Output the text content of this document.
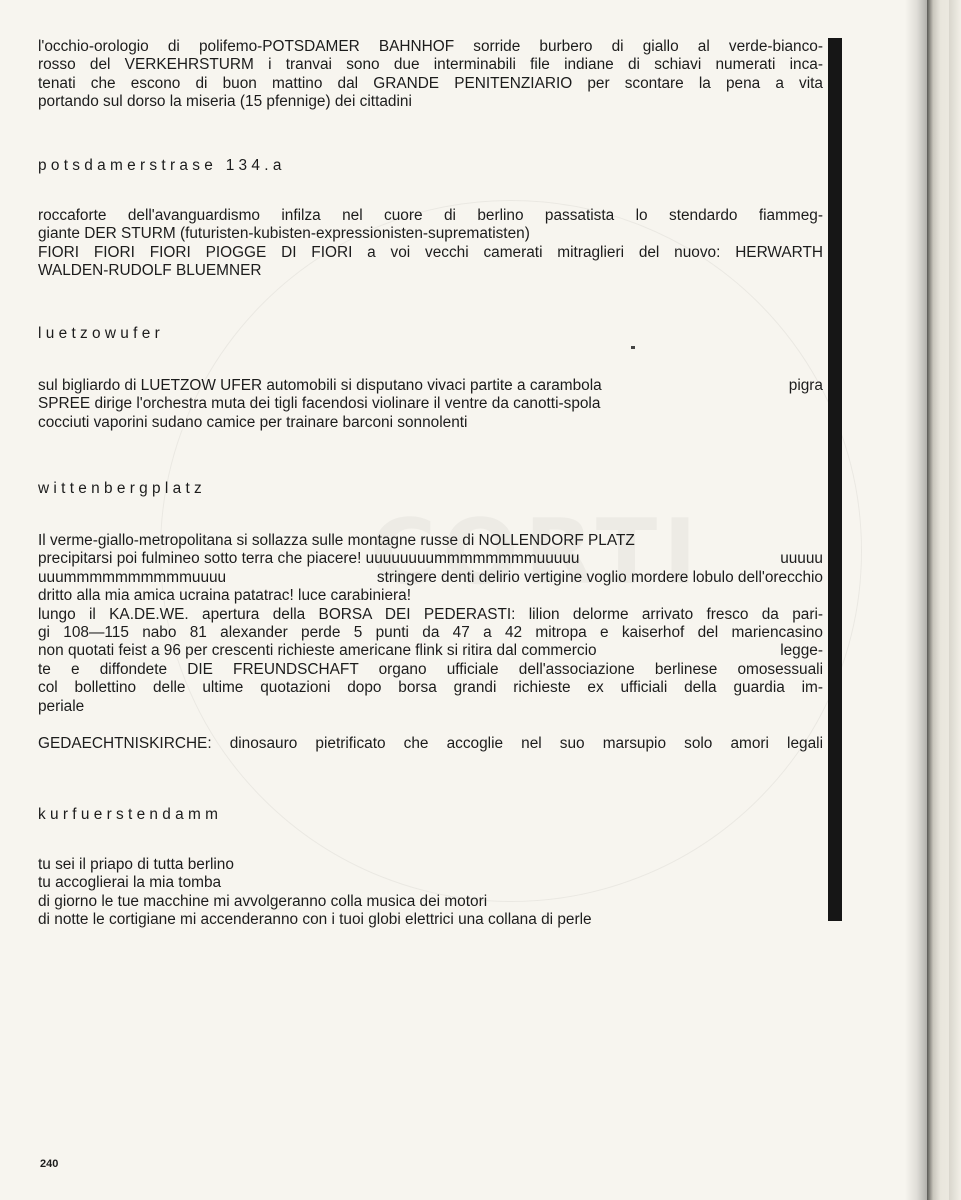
l'occhio-orologio di polifemo-POTSDAMER BAHNHOF sorride burbero di giallo al verde-bianco-
rosso del VERKEHRSTURM i tranvai sono due interminabili file indiane di schiavi numerati inca-
tenati che escono di buon mattino dal GRANDE PENITENZIARIO per scontare la pena a vita
portando sul dorso la miseria (15 pfennige) dei cittadini
potsdamerstrase 134.a
roccaforte dell'avanguardismo infilza nel cuore di berlino passatista lo stendardo fiammeg-
giante DER STURM (futuristen-kubisten-expressionisten-suprematisten)
FIORI FIORI FIORI PIOGGE DI FIORI a voi vecchi camerati mitraglieri del nuovo: HERWARTH
WALDEN-RUDOLF BLUEMNER
luetzowufer
sul bigliardo di LUETZOW UFER automobili si disputano vivaci partite a carambola	pigra
SPREE dirige l'orchestra muta dei tigli facendosi violinare il ventre da canotti-spola
cocciuti vaporini sudano camice per trainare barconi sonnolenti
wittenbergplatz
Il verme-giallo-metropolitana si sollazza sulle montagne russe di NOLLENDORF PLATZ
precipitarsi poi fulmineo sotto terra che piacere! uuuuuuuummmmmmmmuuuuu	uuuuu
uuummmmmmmmmmuuuu	stringere denti delirio vertigine voglio mordere lobulo dell'orecchio
dritto alla mia amica ucraina patatrac! luce carabiniera!
lungo il KA.DE.WE. apertura della BORSA DEI PEDERASTI: lilion delorme arrivato fresco da pari-
gi 108—115 nabo 81 alexander perde 5 punti da 47 a 42 mitropa e kaiserhof del mariencasino
non quotati feist a 96 per crescenti richieste americane flink si ritira dal commercio	legge-
te e diffondete DIE FREUNDSCHAFT organo ufficiale dell'associazione berlinese omosessuali
col bollettino delle ultime quotazioni dopo borsa grandi richieste ex ufficiali della guardia im-
periale
GEDAECHTNISKIRCHE: dinosauro pietrificato che accoglie nel suo marsupio solo amori legali
kurfuerstendamm
tu sei il priapo di tutta berlino
tu accoglierai la mia tomba
di giorno le tue macchine mi avvolgeranno colla musica dei motori
di notte le cortigiane mi accenderanno con i tuoi globi elettrici una collana di perle
240
